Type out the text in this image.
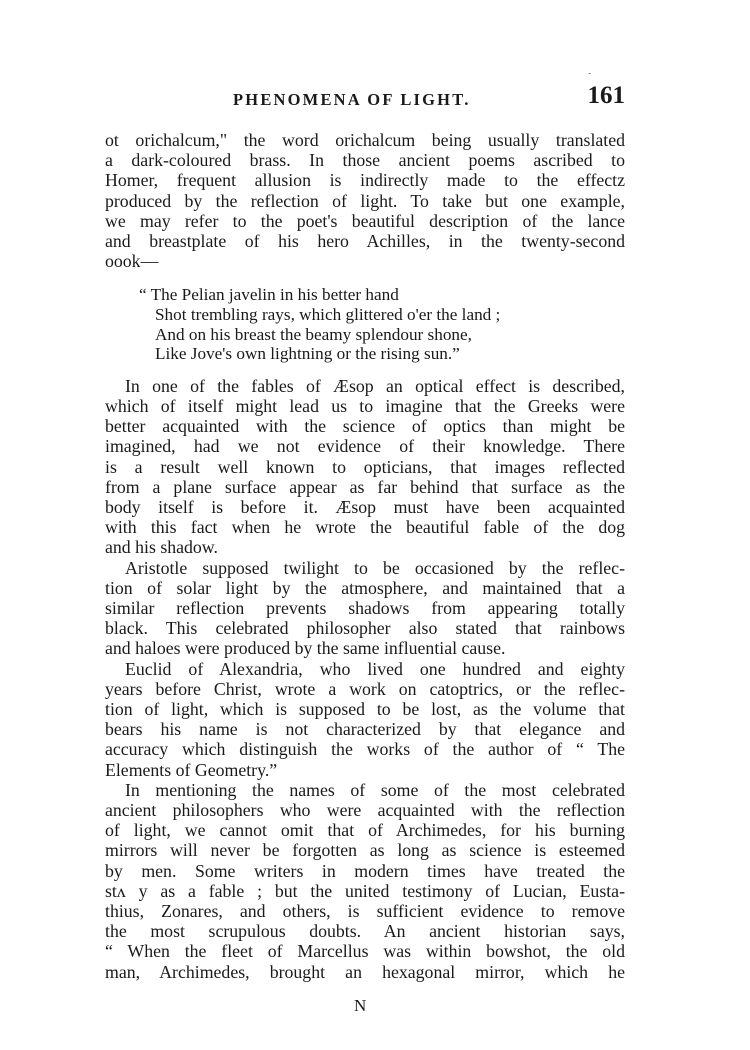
-
PHENOMENA OF LIGHT.	161
ot orichalcum," the word orichalcum being usually translated
a dark-coloured brass. In those ancient poems ascribed to
Homer, frequent allusion is indirectly made to the effectz
produced by the reflection of light. To take but one example,
we may refer to the poet's beautiful description of the lance
and breastplate of his hero Achilles, in the twenty-second
oook—
“ The Pelian javelin in his better hand
Shot trembling rays, which glittered o'er the land ;
And on his breast the beamy splendour shone,
Like Jove's own lightning or the rising sun.”
In one of the fables of Æsop an optical effect is described,
which of itself might lead us to imagine that the Greeks were
better acquainted with the science of optics than might be
imagined, had we not evidence of their knowledge. There
is a result well known to opticians, that images reflected
from a plane surface appear as far behind that surface as the
body itself is before it. Æsop must have been acquainted
with this fact when he wrote the beautiful fable of the dog
and his shadow.
Aristotle supposed twilight to be occasioned by the reflec-
tion of solar light by the atmosphere, and maintained that a
similar reflection prevents shadows from appearing totally
black. This celebrated philosopher also stated that rainbows
and haloes were produced by the same influential cause.
Euclid of Alexandria, who lived one hundred and eighty
years before Christ, wrote a work on catoptrics, or the reflec-
tion of light, which is supposed to be lost, as the volume that
bears his name is not characterized by that elegance and
accuracy which distinguish the works of the author of “ The
Elements of Geometry.”
In mentioning the names of some of the most celebrated
ancient philosophers who were acquainted with the reflection
of light, we cannot omit that of Archimedes, for his burning
mirrors will never be forgotten as long as science is esteemed
by men. Some writers in modern times have treated the
stʌ y as a fable ; but the united testimony of Lucian, Eusta-
thius, Zonares, and others, is sufficient evidence to remove
the most scrupulous doubts. An ancient historian says,
“ When the fleet of Marcellus was within bowshot, the old
man, Archimedes, brought an hexagonal mirror, which he
N
